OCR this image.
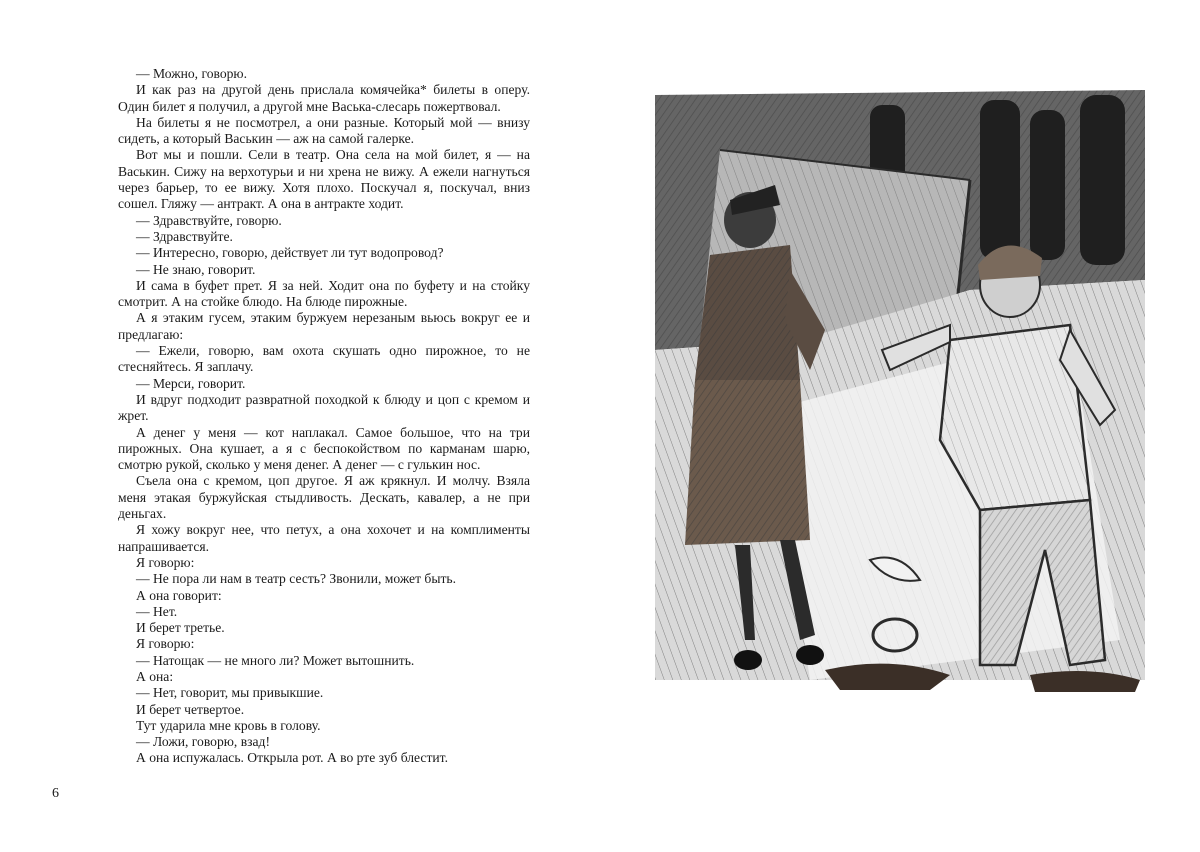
— Можно, говорю.

И как раз на другой день прислала комячейка* билеты в оперу. Один билет я получил, а другой мне Васька-слесарь пожертвовал.

На билеты я не посмотрел, а они разные. Который мой — внизу сидеть, а который Васькин — аж на самой галерке.

Вот мы и пошли. Сели в театр. Она села на мой билет, я — на Васькин. Сижу на верхотурьи и ни хрена не вижу. А ежели нагнуться через барьер, то ее вижу. Хотя плохо. Поскучал я, поскучал, вниз сошел. Гляжу — антракт. А она в антракте ходит.

— Здравствуйте, говорю.

— Здравствуйте.

— Интересно, говорю, действует ли тут водопровод?

— Не знаю, говорит.

И сама в буфет прет. Я за ней. Ходит она по буфету и на стойку смотрит. А на стойке блюдо. На блюде пирожные.

А я этаким гусем, этаким буржуем нерезаным вьюсь вокруг ее и предлагаю:

— Ежели, говорю, вам охота скушать одно пирожное, то не стесняйтесь. Я заплачу.

— Мерси, говорит.

И вдруг подходит развратной походкой к блюду и цоп с кремом и жрет.

А денег у меня — кот наплакал. Самое большое, что на три пирожных. Она кушает, а я с беспокойством по карманам шарю, смотрю рукой, сколько у меня денег. А денег — с гулькин нос.

Съела она с кремом, цоп другое. Я аж крякнул. И молчу. Взяла меня этакая буржуйская стыдливость. Дескать, кавалер, а не при деньгах.

Я хожу вокруг нее, что петух, а она хохочет и на комплименты напрашивается.

Я говорю:

— Не пора ли нам в театр сесть? Звонили, может быть.

А она говорит:

— Нет.

И берет третье.

Я говорю:

— Натощак — не много ли? Может вытошнить.

А она:

— Нет, говорит, мы привыкшие.

И берет четвертое.

Тут ударила мне кровь в голову.

— Ложи, говорю, взад!

А она испужалась. Открыла рот. А во рте зуб блестит.

6
